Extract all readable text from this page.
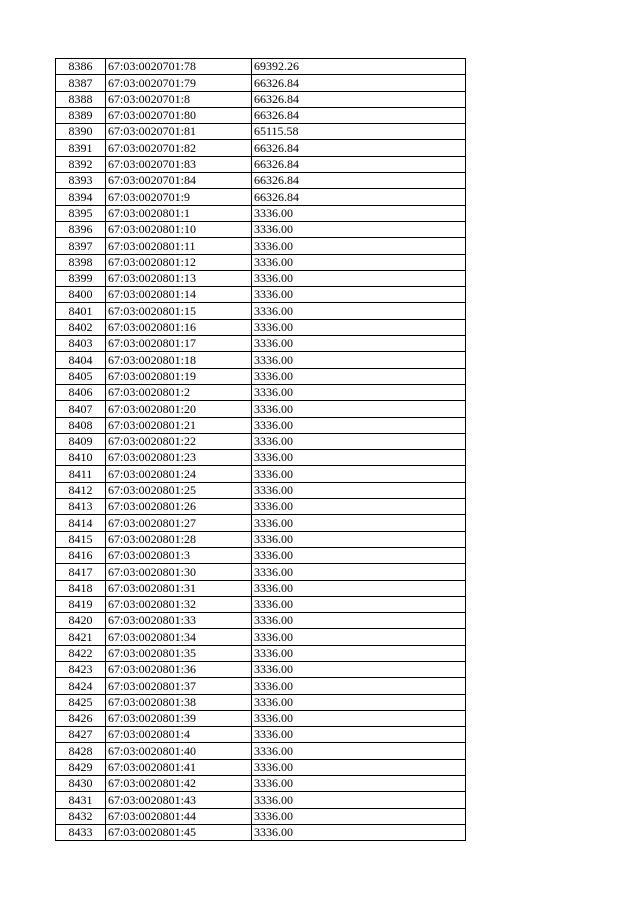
8386	67:03:0020701:78	69392.26
8387	67:03:0020701:79	66326.84
8388	67:03:0020701:8	66326.84
8389	67:03:0020701:80	66326.84
8390	67:03:0020701:81	65115.58
8391	67:03:0020701:82	66326.84
8392	67:03:0020701:83	66326.84
8393	67:03:0020701:84	66326.84
8394	67:03:0020701:9	66326.84
8395	67:03:0020801:1	3336.00
8396	67:03:0020801:10	3336.00
8397	67:03:0020801:11	3336.00
8398	67:03:0020801:12	3336.00
8399	67:03:0020801:13	3336.00
8400	67:03:0020801:14	3336.00
8401	67:03:0020801:15	3336.00
8402	67:03:0020801:16	3336.00
8403	67:03:0020801:17	3336.00
8404	67:03:0020801:18	3336.00
8405	67:03:0020801:19	3336.00
8406	67:03:0020801:2	3336.00
8407	67:03:0020801:20	3336.00
8408	67:03:0020801:21	3336.00
8409	67:03:0020801:22	3336.00
8410	67:03:0020801:23	3336.00
8411	67:03:0020801:24	3336.00
8412	67:03:0020801:25	3336.00
8413	67:03:0020801:26	3336.00
8414	67:03:0020801:27	3336.00
8415	67:03:0020801:28	3336.00
8416	67:03:0020801:3	3336.00
8417	67:03:0020801:30	3336.00
8418	67:03:0020801:31	3336.00
8419	67:03:0020801:32	3336.00
8420	67:03:0020801:33	3336.00
8421	67:03:0020801:34	3336.00
8422	67:03:0020801:35	3336.00
8423	67:03:0020801:36	3336.00
8424	67:03:0020801:37	3336.00
8425	67:03:0020801:38	3336.00
8426	67:03:0020801:39	3336.00
8427	67:03:0020801:4	3336.00
8428	67:03:0020801:40	3336.00
8429	67:03:0020801:41	3336.00
8430	67:03:0020801:42	3336.00
8431	67:03:0020801:43	3336.00
8432	67:03:0020801:44	3336.00
8433	67:03:0020801:45	3336.00
